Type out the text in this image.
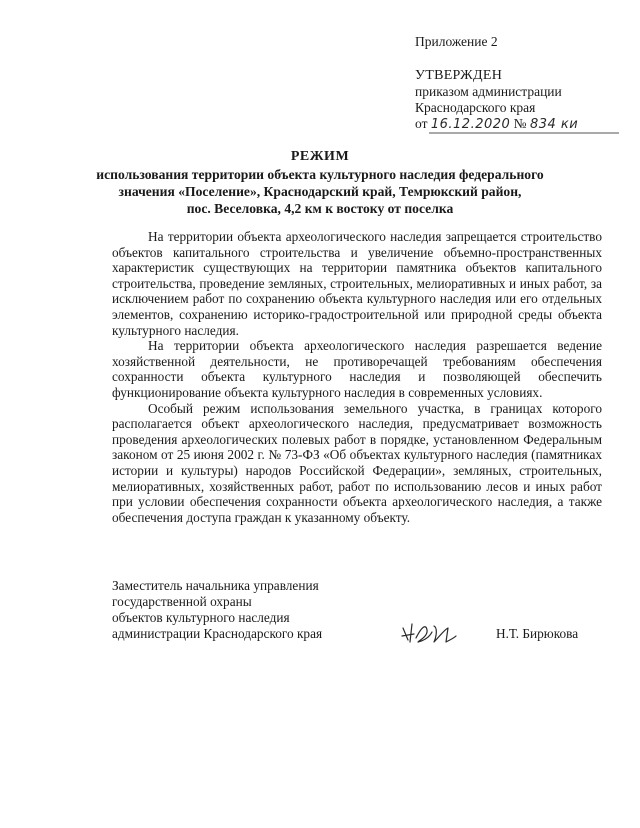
Приложение 2
УТВЕРЖДЕН
приказом администрации
Краснодарского края
от 16.12.2020 № 834 ки
РЕЖИМ
использования территории объекта культурного наследия федерального
значения «Поселение», Краснодарский край, Темрюкский район,
пос. Веселовка, 4,2 км к востоку от поселка

На территории объекта археологического наследия запрещается строительство объектов капитального строительства и увеличение объемно-пространственных характеристик существующих на территории памятника объектов капитального строительства, проведение земляных, строительных, мелиоративных и иных работ, за исключением работ по сохранению объекта культурного наследия или его отдельных элементов, сохранению историко-градостроительной или природной среды объекта культурного наследия.

На территории объекта археологического наследия разрешается ведение хозяйственной деятельности, не противоречащей требованиям обеспечения сохранности объекта культурного наследия и позволяющей обеспечить функционирование объекта культурного наследия в современных условиях.

Особый режим использования земельного участка, в границах которого располагается объект археологического наследия, предусматривает возможность проведения археологических полевых работ в порядке, установленном Федеральным законом от 25 июня 2002 г. № 73-ФЗ «Об объектах культурного наследия (памятниках истории и культуры) народов Российской Федерации», земляных, строительных, мелиоративных, хозяйственных работ, работ по использованию лесов и иных работ при условии обеспечения сохранности объекта археологического наследия, а также обеспечения доступа граждан к указанному объекту.

Заместитель начальника управления
государственной охраны
объектов культурного наследия
администрации Краснодарского края	Н.Т. Бирюкова
